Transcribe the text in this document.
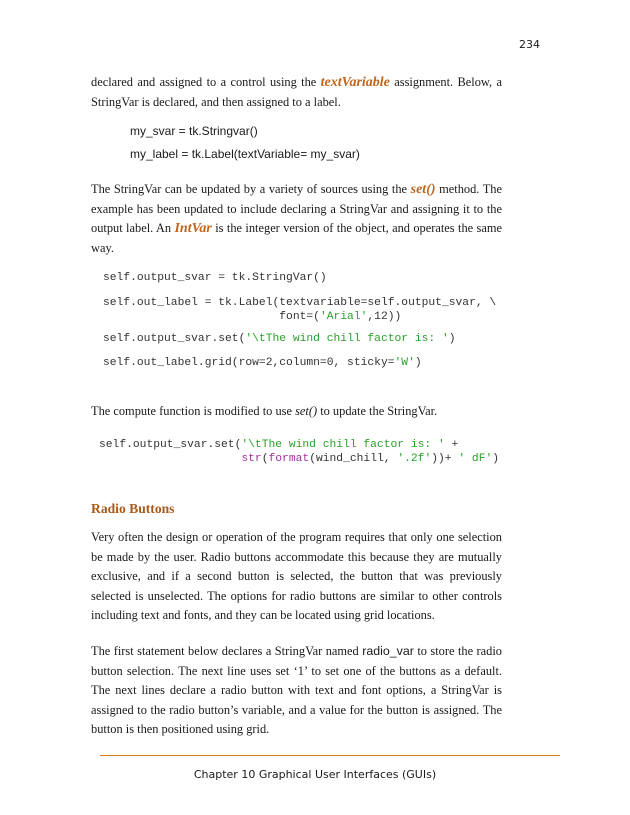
234

declared and assigned to a control using the textVariable assignment. Below, a StringVar is declared, and then assigned to a label.

my_svar = tk.Stringvar()
my_label = tk.Label(textVariable= my_svar)

The StringVar can be updated by a variety of sources using the set() method. The example has been updated to include declaring a StringVar and assigning it to the output label. An IntVar is the integer version of the object, and operates the same way.

self.output_svar = tk.StringVar()
self.out_label = tk.Label(textvariable=self.output_svar, \
font=('Arial',12))
self.output_svar.set('\tThe wind chill factor is: ')
self.out_label.grid(row=2,column=0, sticky='W')

The compute function is modified to use set() to update the StringVar.

self.output_svar.set('\tThe wind chill factor is: ' +
str(format(wind_chill, '.2f'))+ ' dF')
Radio Buttons

Very often the design or operation of the program requires that only one selection be made by the user. Radio buttons accommodate this because they are mutually exclusive, and if a second button is selected, the button that was previously selected is unselected. The options for radio buttons are similar to other controls including text and fonts, and they can be located using grid locations.

The first statement below declares a StringVar named radio_var to store the radio button selection. The next line uses set ‘1’ to set one of the buttons as a default. The next lines declare a radio button with text and font options, a StringVar is assigned to the radio button’s variable, and a value for the button is assigned. The button is then positioned using grid.

Chapter 10 Graphical User Interfaces (GUIs)
